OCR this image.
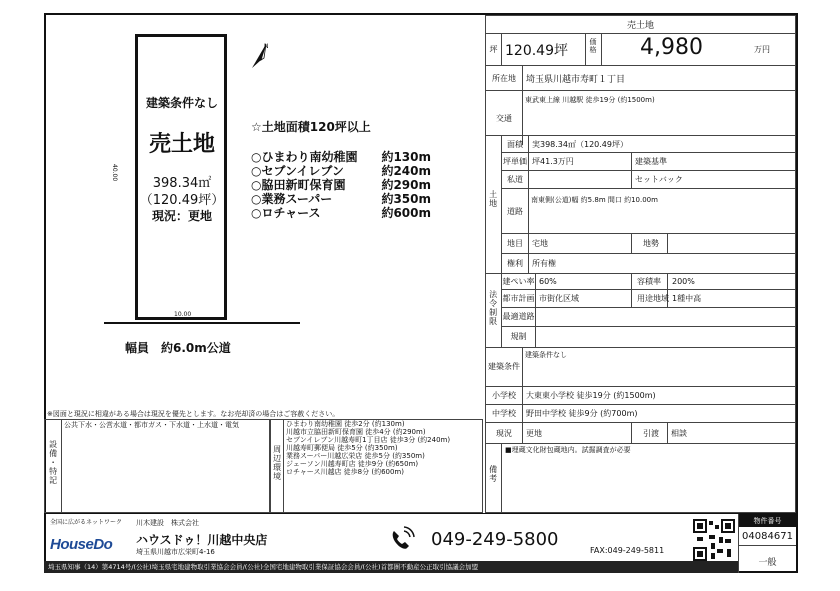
N
建築条件なし
売土地
398.34㎡
（120.49坪）
現況：更地
40.00
10.00
幅員　約6.0m公道
☆土地面積120坪以上
○ひまわり南幼稚園 約130m
○セブンイレブン	約240m
○脇田新町保育園	約290m
○業務スーパー	約350m
○ロチャース	約600m
※図面と現況に相違がある場合は現況を優先とします。なお売却済の場合はご容赦ください。
設備・特記
公共下水・公営水道・都市ガス・下水道・上水道・電気
周辺環境
ひまわり南幼稚園 徒歩2分 (約130m)
川越市立脇田新町保育園 徒歩4分 (約290m)
セブンイレブン川越寿町1丁目店 徒歩3分 (約240m)
川越寿町郵便局 徒歩5分 (約350m)
業務スーパー川越広栄店 徒歩5分 (約350m)
ジェーソン川越寿町店 徒歩9分 (約650m)
ロチャース川越店 徒歩8分 (約600m)
売土地
坪 120.49坪	価格 4,980	万円
所在地	埼玉県川越市寿町１丁目
交通
東武東上線 川越駅 徒歩19分 (約1500m)
土地
面積	実398.34㎡（120.49坪）
坪単価 坪41.3万円	建築基準
私道	セットバック
道路
南東側(公道)幅 約5.8m 間口 約10.00m
地目	宅地	地勢
権利	所有権
法令制限
建ぺい率 60%	容積率	200%
都市計画 市街化区域	用途地域 1種中高
最適道路
規制
建築条件
建築条件なし
小学校	大東東小学校 徒歩19分 (約1500m)
中学校	野田中学校 徒歩9分 (約700m)
現況	更地	引渡	相談
備考
■埋蔵文化財包蔵地内。試掘調査が必要
全国に広がるネットワーク
HouseDo
川木建設　株式会社
ハウスドゥ！川越中央店
埼玉県川越市広栄町4-16
049-249-5800
FAX:049-249-5811
物件番号
04084671
一般
埼玉県知事（14）第4714号/(公社)埼玉県宅地建物取引業協会会員/(公社)全国宅地建物取引業保証協会会員/(公社)首都圏不動産公正取引協議会加盟
